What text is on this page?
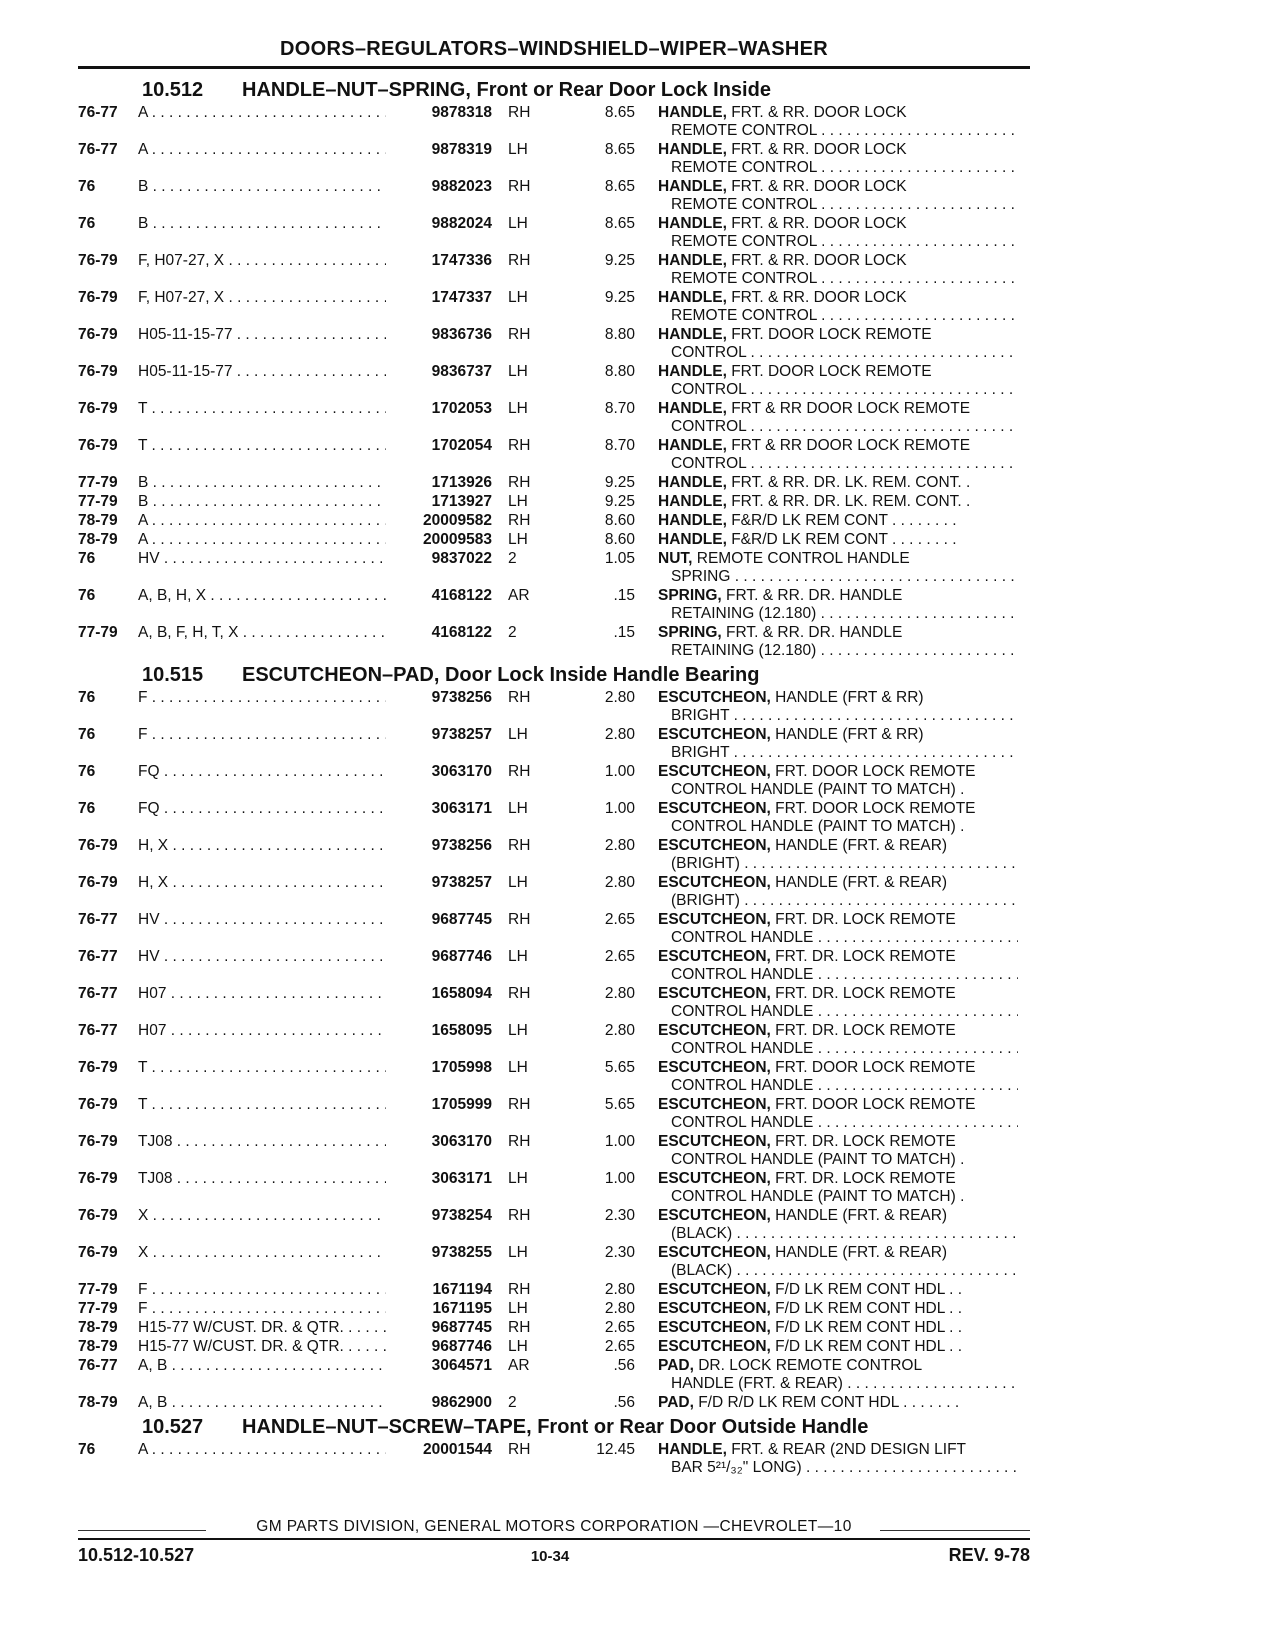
DOORS–REGULATORS–WINDSHIELD–WIPER–WASHER
10.512 HANDLE–NUT–SPRING, Front or Rear Door Lock Inside
76-77 A . . .	9878318 RH	8.65 HANDLE, FRT. & RR. DOOR LOCK
REMOTE CONTROL . . .
76-77 A . . .	9878319 LH	8.65 HANDLE, FRT. & RR. DOOR LOCK
REMOTE CONTROL . . .
76	B . . .	9882023 RH	8.65 HANDLE, FRT. & RR. DOOR LOCK
REMOTE CONTROL . . .
76	B . . .	9882024 LH	8.65 HANDLE, FRT. & RR. DOOR LOCK
REMOTE CONTROL . . .
76-79 F, H07-27, X . . .	1747336 RH	9.25 HANDLE, FRT. & RR. DOOR LOCK
REMOTE CONTROL . . .
76-79 F, H07-27, X . . .	1747337 LH	9.25 HANDLE, FRT. & RR. DOOR LOCK
REMOTE CONTROL . . .
76-79 H05-11-15-77 . . .	9836736 RH	8.80 HANDLE, FRT. DOOR LOCK REMOTE
CONTROL . . .
76-79 H05-11-15-77 . . .	9836737 LH	8.80 HANDLE, FRT. DOOR LOCK REMOTE
CONTROL . . .
76-79 T . . .	1702053 LH	8.70 HANDLE, FRT & RR DOOR LOCK REMOTE
CONTROL . . .
76-79 T . . .	1702054 RH	8.70 HANDLE, FRT & RR DOOR LOCK REMOTE
CONTROL . . .
77-79 B . . .	1713926 RH	9.25 HANDLE, FRT. & RR. DR. LK. REM. CONT. .
77-79 B . . .	1713927 LH	9.25 HANDLE, FRT. & RR. DR. LK. REM. CONT. .
78-79 A . . .	20009582 RH	8.60 HANDLE, F&R/D LK REM CONT . . . . . . . .
78-79 A . . .	20009583 LH	8.60 HANDLE, F&R/D LK REM CONT . . . . . . . .
76	HV . . .	9837022 2	1.05 NUT, REMOTE CONTROL HANDLE
SPRING . . .
76	A, B, H, X . . .	4168122 AR	.15 SPRING, FRT. & RR. DR. HANDLE
RETAINING (12.180) . . .
77-79 A, B, F, H, T, X . . .	4168122 2	.15 SPRING, FRT. & RR. DR. HANDLE
RETAINING (12.180) . . .
10.515 ESCUTCHEON–PAD, Door Lock Inside Handle Bearing
76	F . . .	9738256 RH	2.80 ESCUTCHEON, HANDLE (FRT & RR)
BRIGHT . . .
76	F . . .	9738257 LH	2.80 ESCUTCHEON, HANDLE (FRT & RR)
BRIGHT . . .
76	FQ . . .	3063170 RH	1.00 ESCUTCHEON, FRT. DOOR LOCK REMOTE
CONTROL HANDLE (PAINT TO MATCH) .
76	FQ . . .	3063171 LH	1.00 ESCUTCHEON, FRT. DOOR LOCK REMOTE
CONTROL HANDLE (PAINT TO MATCH) .
76-79 H, X . . .	9738256 RH	2.80 ESCUTCHEON, HANDLE (FRT. & REAR)
(BRIGHT) . . .
76-79 H, X . . .	9738257 LH	2.80 ESCUTCHEON, HANDLE (FRT. & REAR)
(BRIGHT) . . .
76-77 HV . . .	9687745 RH	2.65 ESCUTCHEON, FRT. DR. LOCK REMOTE
CONTROL HANDLE . . .
76-77 HV . . .	9687746 LH	2.65 ESCUTCHEON, FRT. DR. LOCK REMOTE
CONTROL HANDLE . . .
76-77 H07 . . .	1658094 RH	2.80 ESCUTCHEON, FRT. DR. LOCK REMOTE
CONTROL HANDLE . . .
76-77 H07 . . .	1658095 LH	2.80 ESCUTCHEON, FRT. DR. LOCK REMOTE
CONTROL HANDLE . . .
76-79 T . . .	1705998 LH	5.65 ESCUTCHEON, FRT. DOOR LOCK REMOTE
CONTROL HANDLE . . .
76-79 T . . .	1705999 RH	5.65 ESCUTCHEON, FRT. DOOR LOCK REMOTE
CONTROL HANDLE . . .
76-79 TJ08 . . .	3063170 RH	1.00 ESCUTCHEON, FRT. DR. LOCK REMOTE
CONTROL HANDLE (PAINT TO MATCH) .
76-79 TJ08 . . .	3063171 LH	1.00 ESCUTCHEON, FRT. DR. LOCK REMOTE
CONTROL HANDLE (PAINT TO MATCH) .
76-79 X . . .	9738254 RH	2.30 ESCUTCHEON, HANDLE (FRT. & REAR)
(BLACK) . . .
76-79 X . . .	9738255 LH	2.30 ESCUTCHEON, HANDLE (FRT. & REAR)
(BLACK) . . .
77-79 F . . .	1671194 RH	2.80 ESCUTCHEON, F/D LK REM CONT HDL . .
77-79 F . . .	1671195 LH	2.80 ESCUTCHEON, F/D LK REM CONT HDL . .
78-79 H15-77 W/CUST. DR. & QTR. . . .	9687745 RH	2.65 ESCUTCHEON, F/D LK REM CONT HDL . .
78-79 H15-77 W/CUST. DR. & QTR. . . .	9687746 LH	2.65 ESCUTCHEON, F/D LK REM CONT HDL . .
76-77 A, B . . .	3064571 AR	.56 PAD, DR. LOCK REMOTE CONTROL
HANDLE (FRT. & REAR) . . .
78-79 A, B . . .	9862900 2	.56 PAD, F/D R/D LK REM CONT HDL . . . . . . .
10.527 HANDLE–NUT–SCREW–TAPE, Front or Rear Door Outside Handle
76	A . . .	20001544 RH	12.45 HANDLE, FRT. & REAR (2ND DESIGN LIFT
BAR 5²¹/₃₂" LONG) . . .
GM PARTS DIVISION, GENERAL MOTORS CORPORATION —CHEVROLET—10
10.512-10.527	10-34	REV. 9-78
